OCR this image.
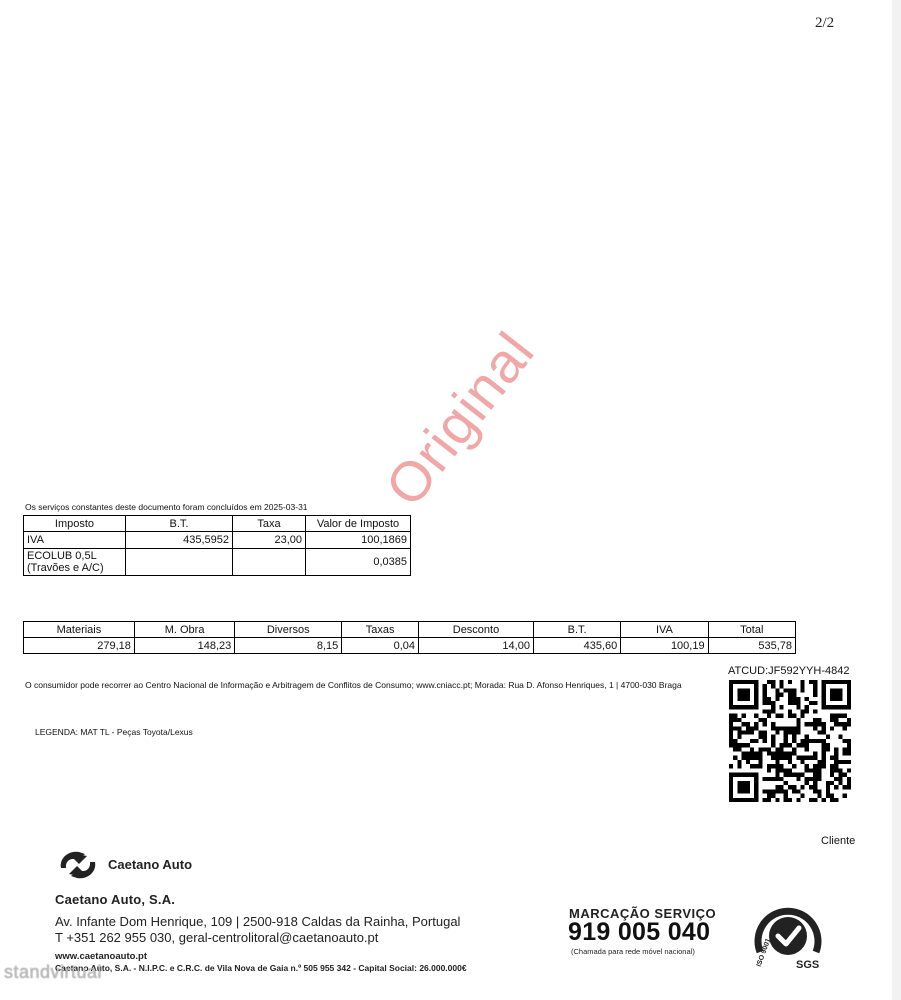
2/2
Original
Os serviços constantes deste documento foram concluídos em 2025-03-31
Imposto	B.T.	Taxa	Valor de Imposto
IVA	435,5952	23,00	100,1869
ECOLUB 0,5L
(Travões e A/C)			0,0385
Materiais	M. Obra	Diversos	Taxas	Desconto	B.T.	IVA	Total
279,18	148,23	8,15	0,04	14,00	435,60	100,19	535,78
O consumidor pode recorrer ao Centro Nacional de Informação e Arbitragem de Conflitos de Consumo; www.cniacc.pt; Morada: Rua D. Afonso Henriques, 1 | 4700-030 Braga
LEGENDA: MAT TL - Peças Toyota/Lexus
ATCUD:JF592YYH-4842
Cliente
Caetano Auto
Caetano Auto, S.A.
Av. Infante Dom Henrique, 109 | 2500-918 Caldas da Rainha, Portugal
T +351 262 955 030, geral-centrolitoral@caetanoauto.pt
www.caetanoauto.pt
Caetano Auto, S.A. - N.I.P.C. e C.R.C. de Vila Nova de Gaia n.º 505 955 342 - Capital Social: 26.000.000€
MARCAÇÃO SERVIÇO
919 005 040
(Chamada para rede móvel nacional)	ISO 9001 SGS
standvirtual
